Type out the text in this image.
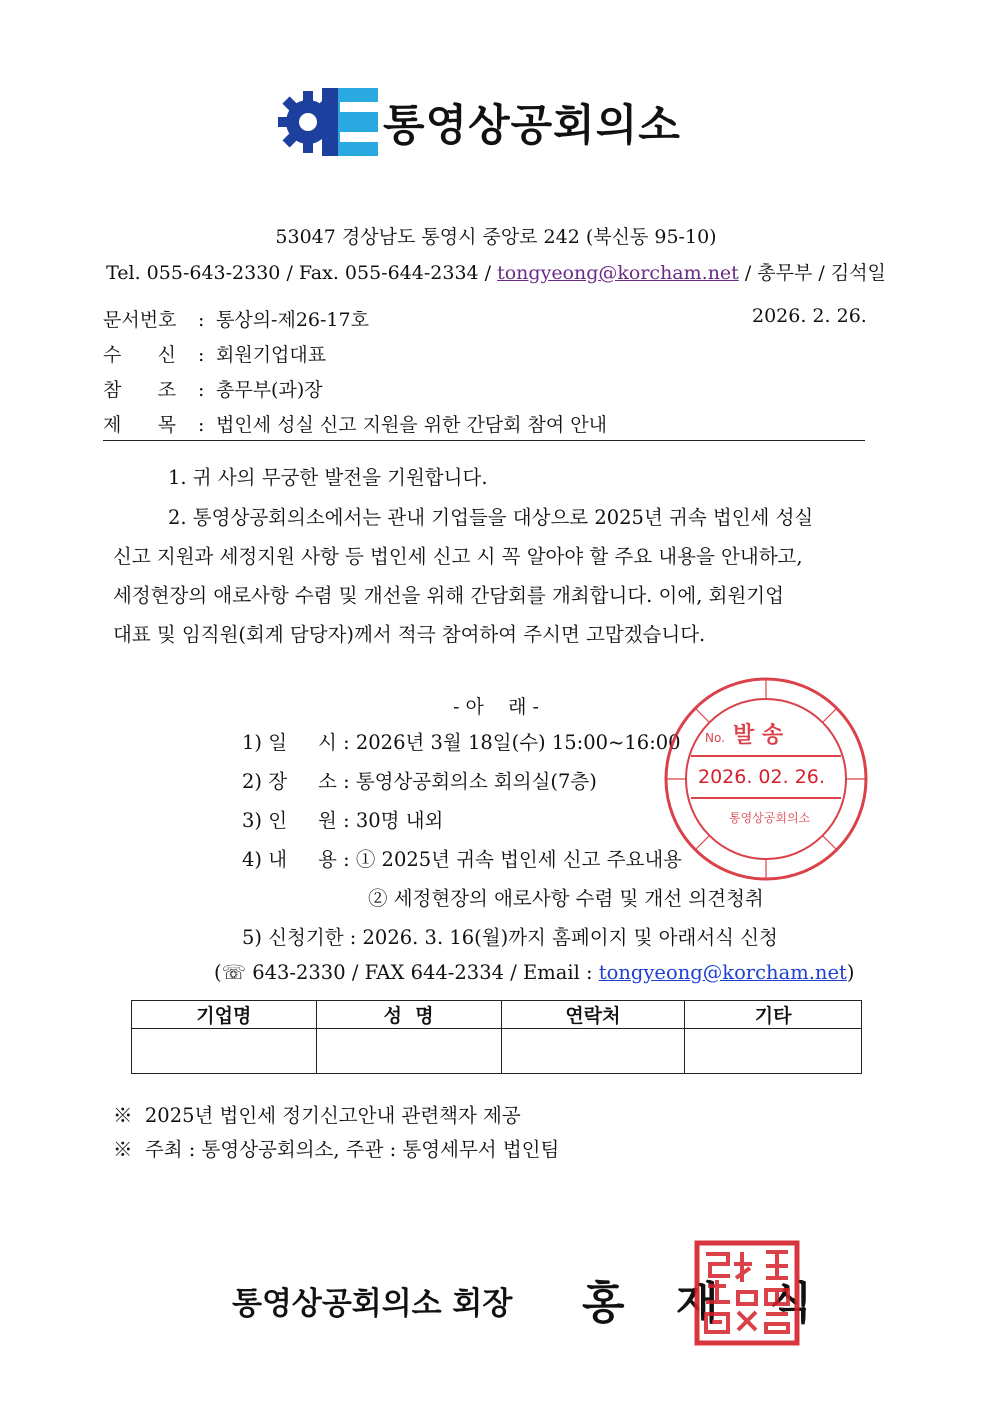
통영상공회의소
53047 경상남도 통영시 중앙로 242 (북신동 95-10)
Tel. 055-643-2330 / Fax. 055-644-2334 / tongyeong@korcham.net / 총무부 / 김석일
문서번호 : 통상의-제26-17호	2026. 2. 26.
수      신 : 회원기업대표
참      조 : 총무부(과)장
제      목 : 법인세 성실 신고 지원을 위한 간담회 참여 안내
1. 귀 사의 무궁한 발전을 기원합니다.
2. 통영상공회의소에서는 관내 기업들을 대상으로 2025년 귀속 법인세 성실
신고 지원과 세정지원 사항 등 법인세 신고 시 꼭 알아야 할 주요 내용을 안내하고,
세정현장의 애로사항 수렴 및 개선을 위해 간담회를 개최합니다. 이에, 회원기업
대표 및 임직원(회계 담당자)께서 적극 참여하여 주시면 고맙겠습니다.
- 아    래 -
1) 일     시 : 2026년 3월 18일(수) 15:00~16:00
2) 장     소 : 통영상공회의소 회의실(7층)
3) 인     원 : 30명 내외
4) 내     용 : ① 2025년 귀속 법인세 신고 주요내용
② 세정현장의 애로사항 수렴 및 개선 의견청취
5) 신청기한 : 2026. 3. 16(월)까지 홈페이지 및 아래서식 신청
(☏ 643-2330 / FAX 644-2334 / Email : tongyeong@korcham.net)
기업명	성  명	연락처	기타

※  2025년 법인세 정기신고안내 관련책자 제공
※  주최 : 통영상공회의소, 주관 : 통영세무서 법인팀
No. 발 송
통영상공회의소
2026. 02. 26.
통영상공회의소 회장 홍 재 식
